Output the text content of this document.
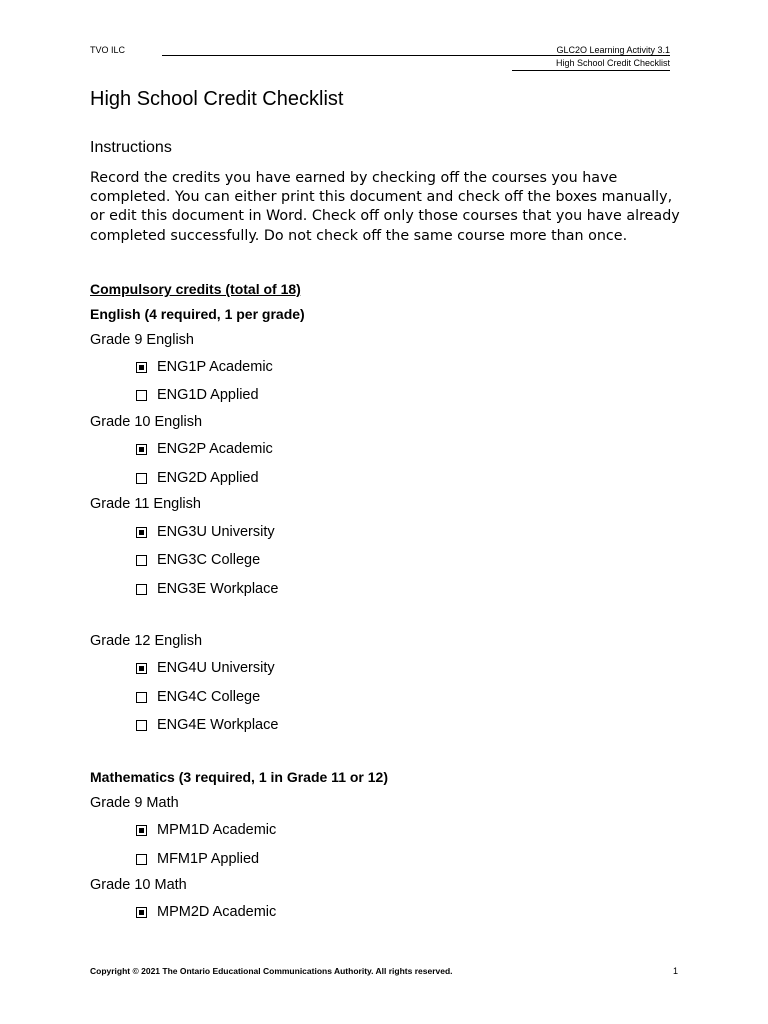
TVO ILC	GLC2O Learning Activity 3.1
High School Credit Checklist
High School Credit Checklist
Instructions

Record the credits you have earned by checking off the courses you have completed. You can either print this document and check off the boxes manually, or edit this document in Word. Check off only those courses that you have already completed successfully. Do not check off the same course more than once.

Compulsory credits (total of 18)
English (4 required, 1 per grade)
Grade 9 English
ENG1P Academic
ENG1D Applied
Grade 10 English
ENG2P Academic
ENG2D Applied
Grade 11 English
ENG3U University
ENG3C College
ENG3E Workplace
Grade 12 English
ENG4U University
ENG4C College
ENG4E Workplace
Mathematics (3 required, 1 in Grade 11 or 12)
Grade 9 Math
MPM1D Academic
MFM1P Applied
Grade 10 Math
MPM2D Academic
Copyright © 2021 The Ontario Educational Communications Authority. All rights reserved.	1
